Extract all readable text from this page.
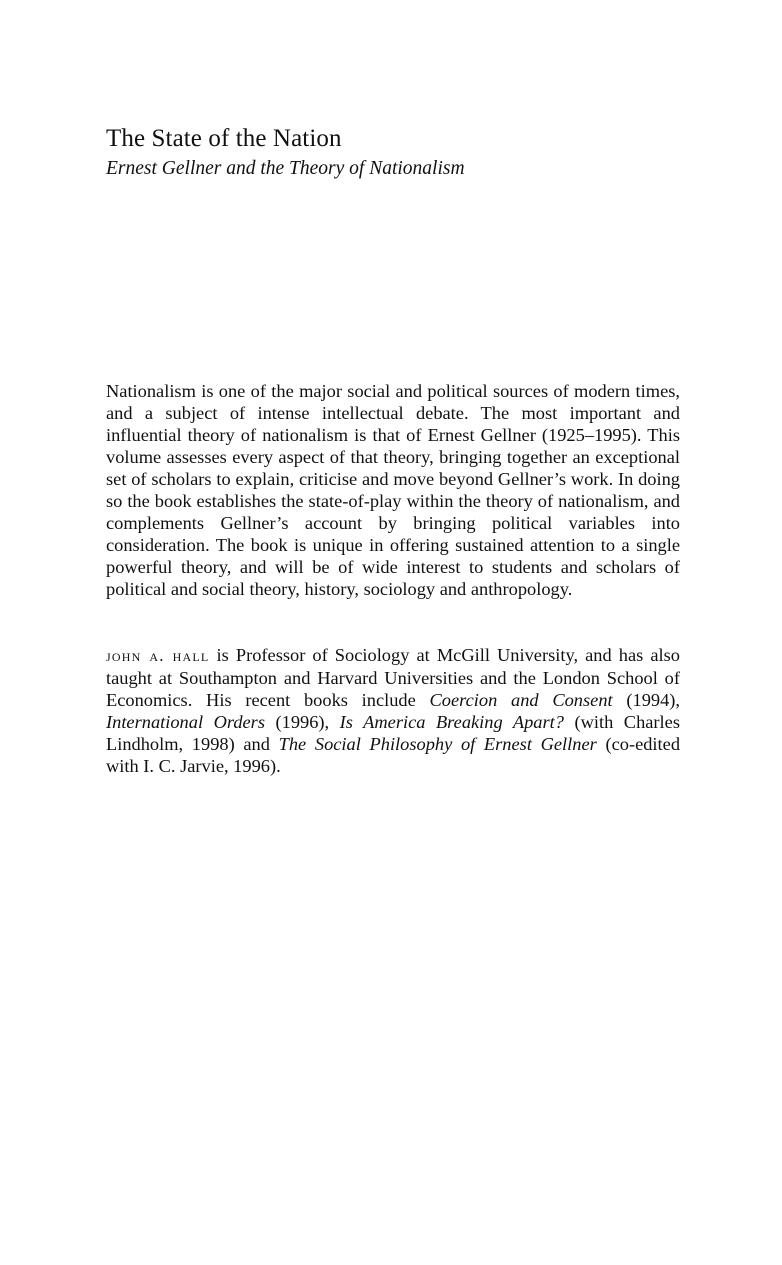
The State of the Nation
Ernest Gellner and the Theory of Nationalism

Nationalism is one of the major social and political sources of modern times, and a subject of intense intellectual debate. The most important and influential theory of nationalism is that of Ernest Gellner (1925–1995). This volume assesses every aspect of that theory, bringing together an exceptional set of scholars to explain, criticise and move beyond Gellner’s work. In doing so the book establishes the state-of-play within the theory of nationalism, and complements Gellner’s account by bringing political variables into consideration. The book is unique in offering sustained attention to a single powerful theory, and will be of wide interest to students and scholars of political and social theory, history, sociology and anthropology.

john a. hall is Professor of Sociology at McGill University, and has also taught at Southampton and Harvard Universities and the London School of Economics. His recent books include Coercion and Consent (1994), International Orders (1996), Is America Breaking Apart? (with Charles Lindholm, 1998) and The Social Philosophy of Ernest Gellner (co-edited with I. C. Jarvie, 1996).
